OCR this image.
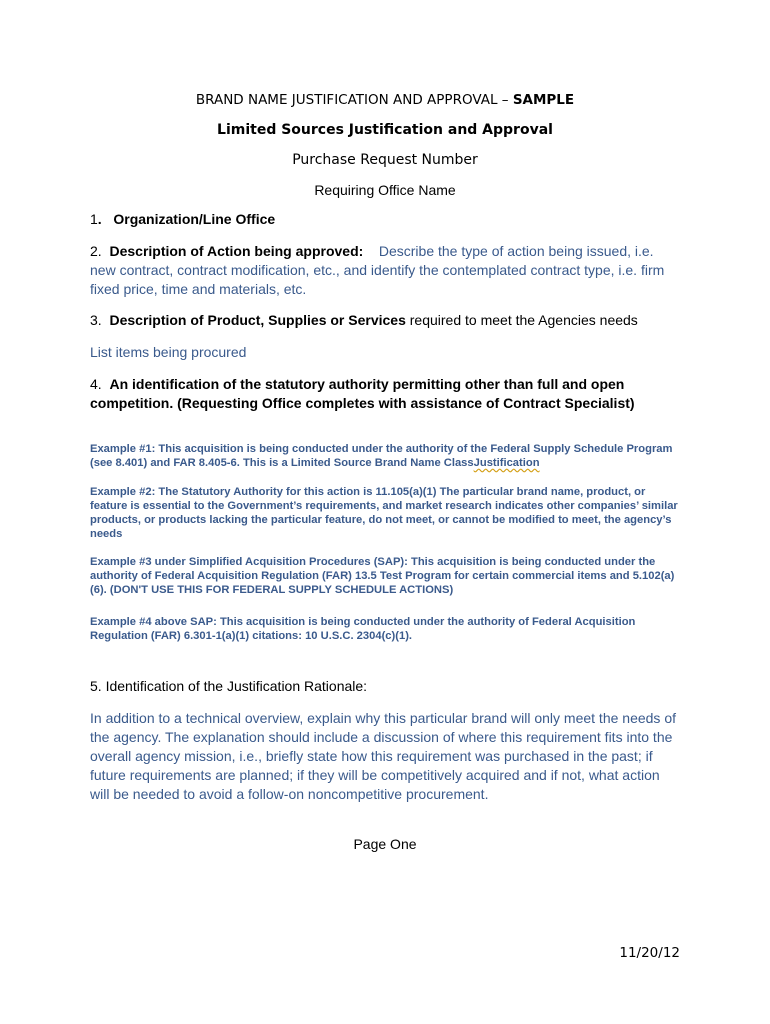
BRAND NAME JUSTIFICATION AND APPROVAL – SAMPLE
Limited Sources Justification and Approval
Purchase Request Number
Requiring Office Name
1. Organization/Line Office
2. Description of Action being approved: Describe the type of action being issued, i.e. new contract, contract modification, etc., and identify the contemplated contract type, i.e. firm fixed price, time and materials, etc.
3. Description of Product, Supplies or Services required to meet the Agencies needs
List items being procured
4. An identification of the statutory authority permitting other than full and open competition. (Requesting Office completes with assistance of Contract Specialist)
Example #1: This acquisition is being conducted under the authority of the Federal Supply Schedule Program (see 8.401) and FAR 8.405-6. This is a Limited Source Brand Name ClassJustification
Example #2: The Statutory Authority for this action is 11.105(a)(1) The particular brand name, product, or feature is essential to the Government’s requirements, and market research indicates other companies’ similar products, or products lacking the particular feature, do not meet, or cannot be modified to meet, the agency’s needs
Example #3 under Simplified Acquisition Procedures (SAP): This acquisition is being conducted under the authority of Federal Acquisition Regulation (FAR) 13.5 Test Program for certain commercial items and 5.102(a)(6). (DON'T USE THIS FOR FEDERAL SUPPLY SCHEDULE ACTIONS)
Example #4 above SAP: This acquisition is being conducted under the authority of Federal Acquisition Regulation (FAR) 6.301-1(a)(1) citations: 10 U.S.C. 2304(c)(1).
5. Identification of the Justification Rationale:
In addition to a technical overview, explain why this particular brand will only meet the needs of the agency. The explanation should include a discussion of where this requirement fits into the overall agency mission, i.e., briefly state how this requirement was purchased in the past; if future requirements are planned; if they will be competitively acquired and if not, what action will be needed to avoid a follow-on noncompetitive procurement.
Page One
11/20/12
